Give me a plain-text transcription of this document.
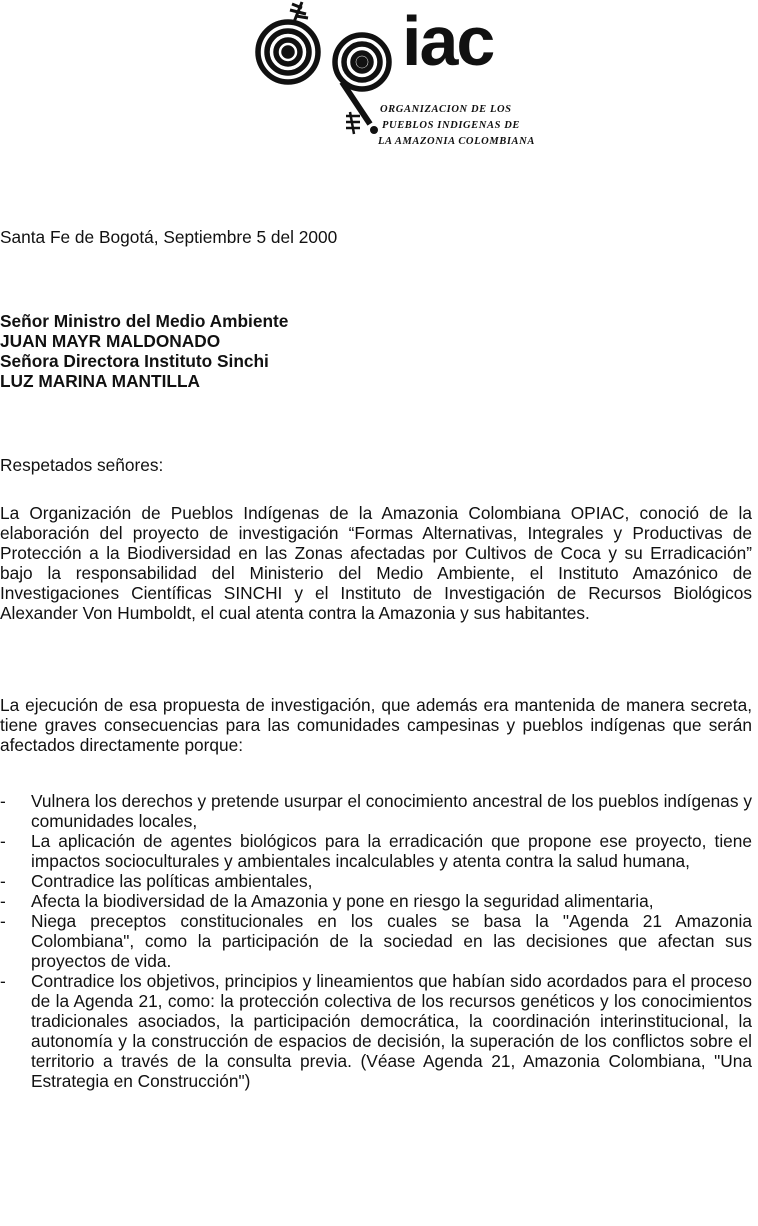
iac
ORGANIZACION DE LOS
PUEBLOS INDIGENAS DE
LA AMAZONIA COLOMBIANA
Santa Fe de Bogotá, Septiembre 5 del 2000
Señor Ministro del Medio Ambiente
JUAN MAYR MALDONADO
Señora Directora Instituto Sinchi
LUZ MARINA MANTILLA
Respetados señores:
La Organización de Pueblos Indígenas de la Amazonia Colombiana OPIAC, conoció de la elaboración del proyecto de investigación “Formas Alternativas, Integrales y Productivas de Protección a la Biodiversidad en las Zonas afectadas por Cultivos de Coca y su Erradicación” bajo la responsabilidad del Ministerio del Medio Ambiente, el Instituto Amazónico de Investigaciones Científicas SINCHI y el Instituto de Investigación de Recursos Biológicos Alexander Von Humboldt, el cual atenta contra la Amazonia y sus habitantes.
La ejecución de esa propuesta de investigación, que además era mantenida de manera secreta, tiene graves consecuencias para las comunidades campesinas y pueblos indígenas que serán afectados directamente porque:
- Vulnera los derechos y pretende usurpar el conocimiento ancestral de los pueblos indígenas y comunidades locales,
- La aplicación de agentes biológicos para la erradicación que propone ese proyecto, tiene impactos socioculturales y ambientales incalculables y atenta contra la salud humana,
- Contradice las políticas ambientales,
- Afecta la biodiversidad de la Amazonia y pone en riesgo la seguridad alimentaria,
- Niega preceptos constitucionales en los cuales se basa la "Agenda 21 Amazonia Colombiana", como la participación de la sociedad en las decisiones que afectan sus proyectos de vida.
- Contradice los objetivos, principios y lineamientos que habían sido acordados para el proceso de la Agenda 21, como: la protección colectiva de los recursos genéticos y los conocimientos tradicionales asociados, la participación democrática, la coordinación interinstitucional, la autonomía y la construcción de espacios de decisión, la superación de los conflictos sobre el territorio a través de la consulta previa. (Véase Agenda 21, Amazonia Colombiana, "Una Estrategia en Construcción")
